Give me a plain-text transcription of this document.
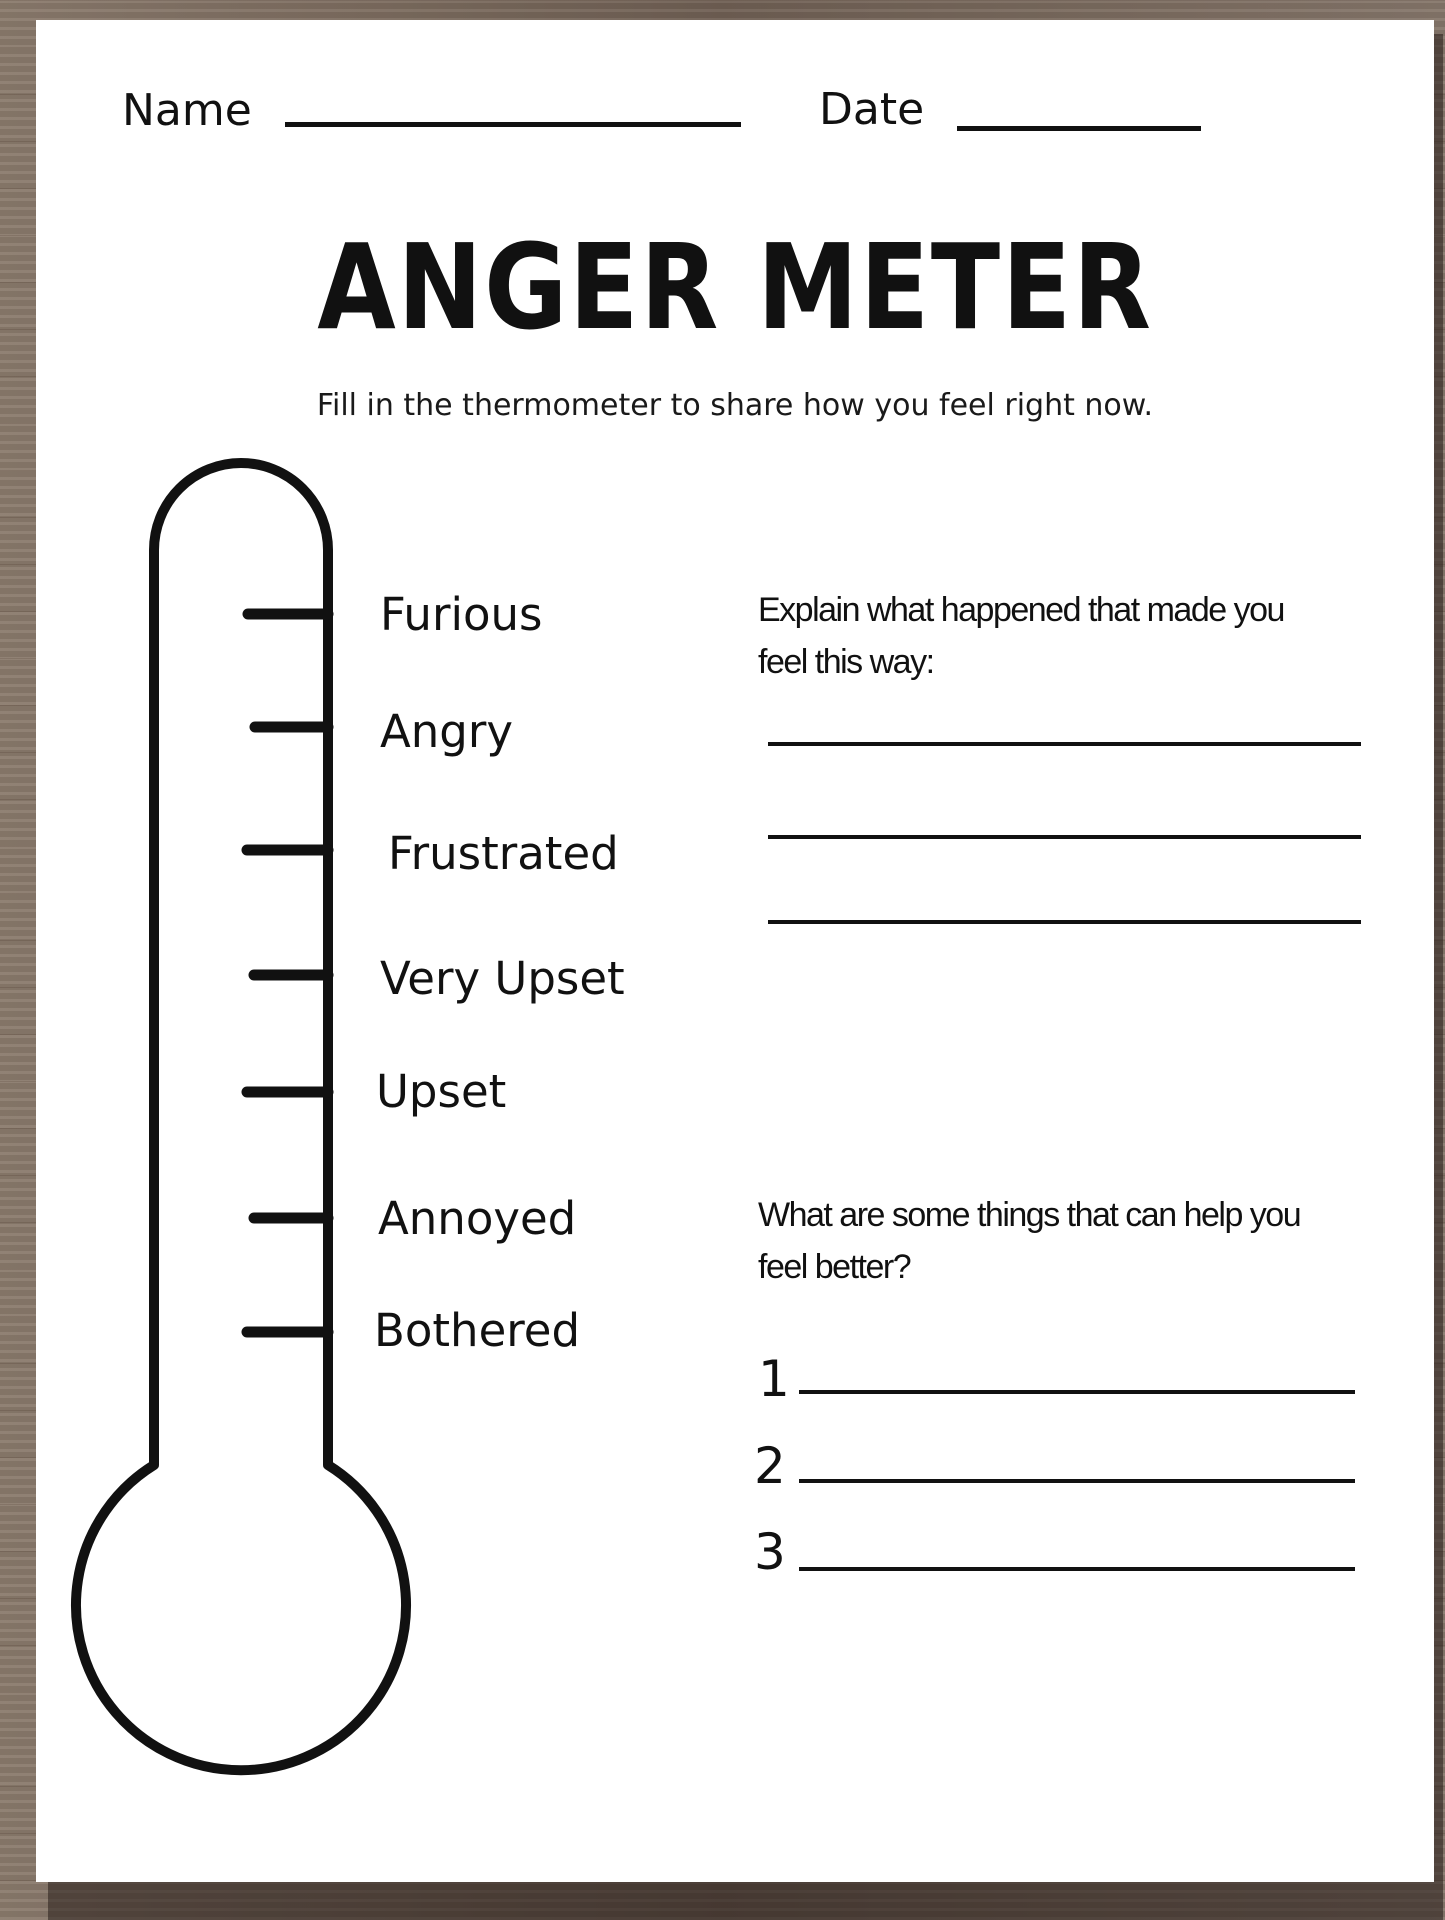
Name	Date
ANGER METER
Fill in the thermometer to share how you feel right now.
Furious
Angry
Frustrated
Very Upset
Upset
Annoyed
Bothered
Explain what happened that made you
feel this way:
What are some things that can help you
feel better?
1
2
3
